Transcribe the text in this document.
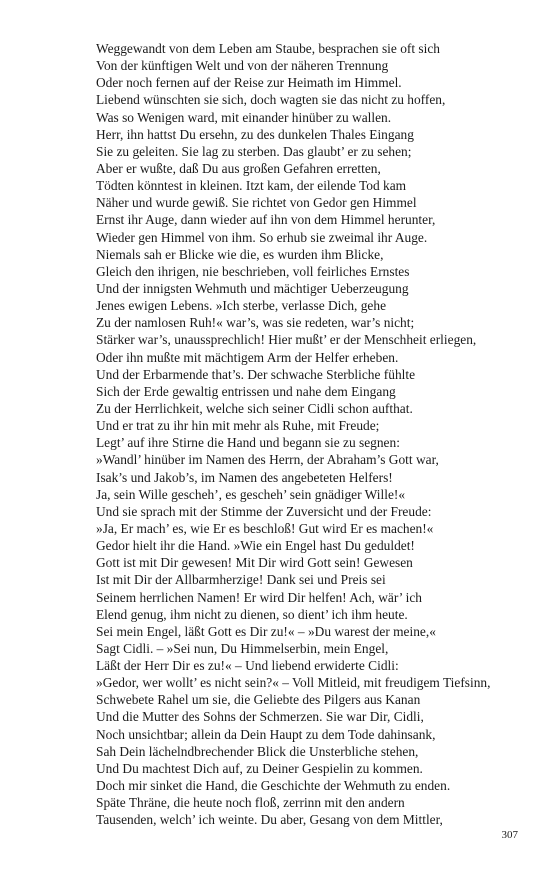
Weggewandt von dem Leben am Staube, besprachen sie oft sich
Von der künftigen Welt und von der näheren Trennung
Oder noch fernen auf der Reise zur Heimath im Himmel.
Liebend wünschten sie sich, doch wagten sie das nicht zu hoffen,
Was so Wenigen ward, mit einander hinüber zu wallen.
Herr, ihn hattst Du ersehn, zu des dunkelen Thales Eingang
Sie zu geleiten. Sie lag zu sterben. Das glaubt’ er zu sehen;
Aber er wußte, daß Du aus großen Gefahren erretten,
Tödten könntest in kleinen. Itzt kam, der eilende Tod kam
Näher und wurde gewiß. Sie richtet von Gedor gen Himmel
Ernst ihr Auge, dann wieder auf ihn von dem Himmel herunter,
Wieder gen Himmel von ihm. So erhub sie zweimal ihr Auge.
Niemals sah er Blicke wie die, es wurden ihm Blicke,
Gleich den ihrigen, nie beschrieben, voll feirliches Ernstes
Und der innigsten Wehmuth und mächtiger Ueberzeugung
Jenes ewigen Lebens. »Ich sterbe, verlasse Dich, gehe
Zu der namlosen Ruh!« war’s, was sie redeten, war’s nicht;
Stärker war’s, unaussprechlich! Hier mußt’ er der Menschheit erliegen,
Oder ihn mußte mit mächtigem Arm der Helfer erheben.
Und der Erbarmende that’s. Der schwache Sterbliche fühlte
Sich der Erde gewaltig entrissen und nahe dem Eingang
Zu der Herrlichkeit, welche sich seiner Cidli schon aufthat.
Und er trat zu ihr hin mit mehr als Ruhe, mit Freude;
Legt’ auf ihre Stirne die Hand und begann sie zu segnen:
»Wandl’ hinüber im Namen des Herrn, der Abraham’s Gott war,
Isak’s und Jakob’s, im Namen des angebeteten Helfers!
Ja, sein Wille gescheh’, es gescheh’ sein gnädiger Wille!«
Und sie sprach mit der Stimme der Zuversicht und der Freude:
»Ja, Er mach’ es, wie Er es beschloß! Gut wird Er es machen!«
Gedor hielt ihr die Hand. »Wie ein Engel hast Du geduldet!
Gott ist mit Dir gewesen! Mit Dir wird Gott sein! Gewesen
Ist mit Dir der Allbarmherzige! Dank sei und Preis sei
Seinem herrlichen Namen! Er wird Dir helfen! Ach, wär’ ich
Elend genug, ihm nicht zu dienen, so dient’ ich ihm heute.
Sei mein Engel, läßt Gott es Dir zu!« – »Du warest der meine,«
Sagt Cidli. – »Sei nun, Du Himmelserbin, mein Engel,
Läßt der Herr Dir es zu!« – Und liebend erwiderte Cidli:
»Gedor, wer wollt’ es nicht sein?« – Voll Mitleid, mit freudigem Tiefsinn,
Schwebete Rahel um sie, die Geliebte des Pilgers aus Kanan
Und die Mutter des Sohns der Schmerzen. Sie war Dir, Cidli,
Noch unsichtbar; allein da Dein Haupt zu dem Tode dahinsank,
Sah Dein lächelndbrechender Blick die Unsterbliche stehen,
Und Du machtest Dich auf, zu Deiner Gespielin zu kommen.
Doch mir sinket die Hand, die Geschichte der Wehmuth zu enden.
Späte Thräne, die heute noch floß, zerrinn mit den andern
Tausenden, welch’ ich weinte. Du aber, Gesang von dem Mittler,
307
